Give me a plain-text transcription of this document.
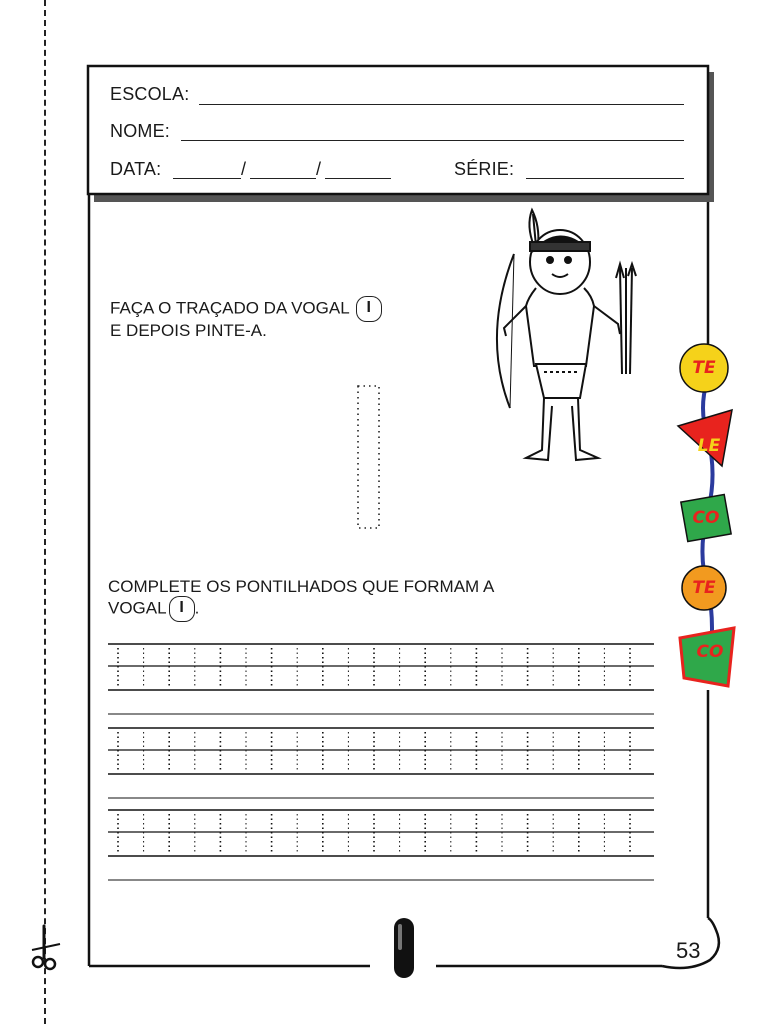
ESCOLA:
NOME:
DATA:	/	/	SÉRIE:
FAÇA O TRAÇADO DA VOGAL I
E DEPOIS PINTE-A.
COMPLETE OS PONTILHADOS QUE FORMAM A
VOGAL I .
TE
LE
CO
TE
CO
53
